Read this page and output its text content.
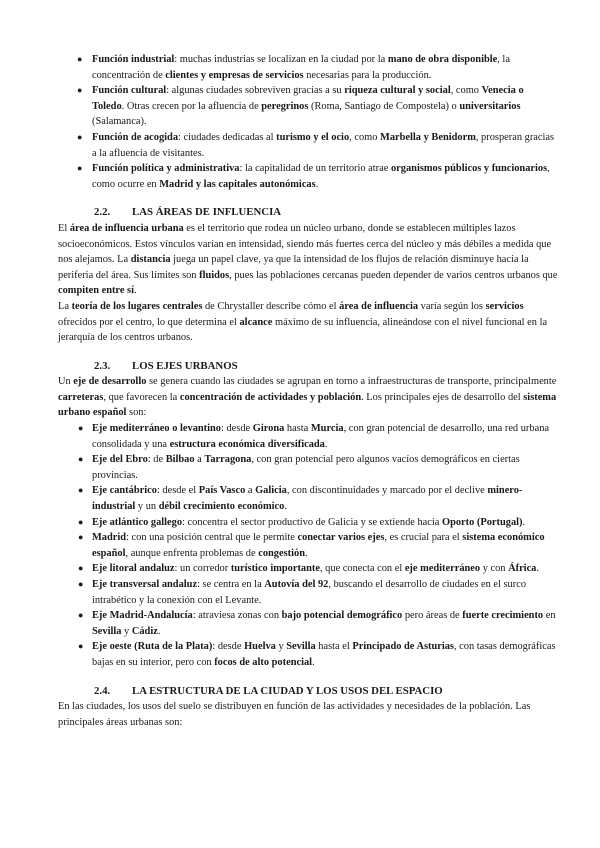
● Función industrial: muchas industrias se localizan en la ciudad por la mano de obra disponible, la concentración de clientes y empresas de servicios necesarias para la producción.
● Función cultural: algunas ciudades sobreviven gracias a su riqueza cultural y social, como Venecia o Toledo. Otras crecen por la afluencia de peregrinos (Roma, Santiago de Compostela) o universitarios (Salamanca).
● Función de acogida: ciudades dedicadas al turismo y el ocio, como Marbella y Benidorm, prosperan gracias a la afluencia de visitantes.
● Función política y administrativa: la capitalidad de un territorio atrae organismos públicos y funcionarios, como ocurre en Madrid y las capitales autonómicas.
2.2. LAS ÁREAS DE INFLUENCIA

El área de influencia urbana es el territorio que rodea un núcleo urbano, donde se establecen múltiples lazos socioeconómicos. Estos vínculos varían en intensidad, siendo más fuertes cerca del núcleo y más débiles a medida que nos alejamos. La distancia juega un papel clave, ya que la intensidad de los flujos de relación disminuye hacia la periferia del área. Sus límites son fluidos, pues las poblaciones cercanas pueden depender de varios centros urbanos que compiten entre sí.

La teoría de los lugares centrales de Chrystaller describe cómo el área de influencia varía según los servicios ofrecidos por el centro, lo que determina el alcance máximo de su influencia, alineándose con el nivel funcional en la jerarquía de los centros urbanos.

2.3. LOS EJES URBANOS

Un eje de desarrollo se genera cuando las ciudades se agrupan en torno a infraestructuras de transporte, principalmente carreteras, que favorecen la concentración de actividades y población. Los principales ejes de desarrollo del sistema urbano español son:

● Eje mediterráneo o levantino: desde Girona hasta Murcia, con gran potencial de desarrollo, una red urbana consolidada y una estructura económica diversificada.
● Eje del Ebro: de Bilbao a Tarragona, con gran potencial pero algunos vacíos demográficos en ciertas provincias.
● Eje cantábrico: desde el País Vasco a Galicia, con discontinuidades y marcado por el declive minero-industrial y un débil crecimiento económico.
● Eje atlántico gallego: concentra el sector productivo de Galicia y se extiende hacia Oporto (Portugal).
● Madrid: con una posición central que le permite conectar varios ejes, es crucial para el sistema económico español, aunque enfrenta problemas de congestión.
● Eje litoral andaluz: un corredor turístico importante, que conecta con el eje mediterráneo y con África.
● Eje transversal andaluz: se centra en la Autovía del 92, buscando el desarrollo de ciudades en el surco intrabético y la conexión con el Levante.
● Eje Madrid-Andalucía: atraviesa zonas con bajo potencial demográfico pero áreas de fuerte crecimiento en Sevilla y Cádiz.
● Eje oeste (Ruta de la Plata): desde Huelva y Sevilla hasta el Principado de Asturias, con tasas demográficas bajas en su interior, pero con focos de alto potencial.
2.4. LA ESTRUCTURA DE LA CIUDAD Y LOS USOS DEL ESPACIO

En las ciudades, los usos del suelo se distribuyen en función de las actividades y necesidades de la población. Las principales áreas urbanas son:
